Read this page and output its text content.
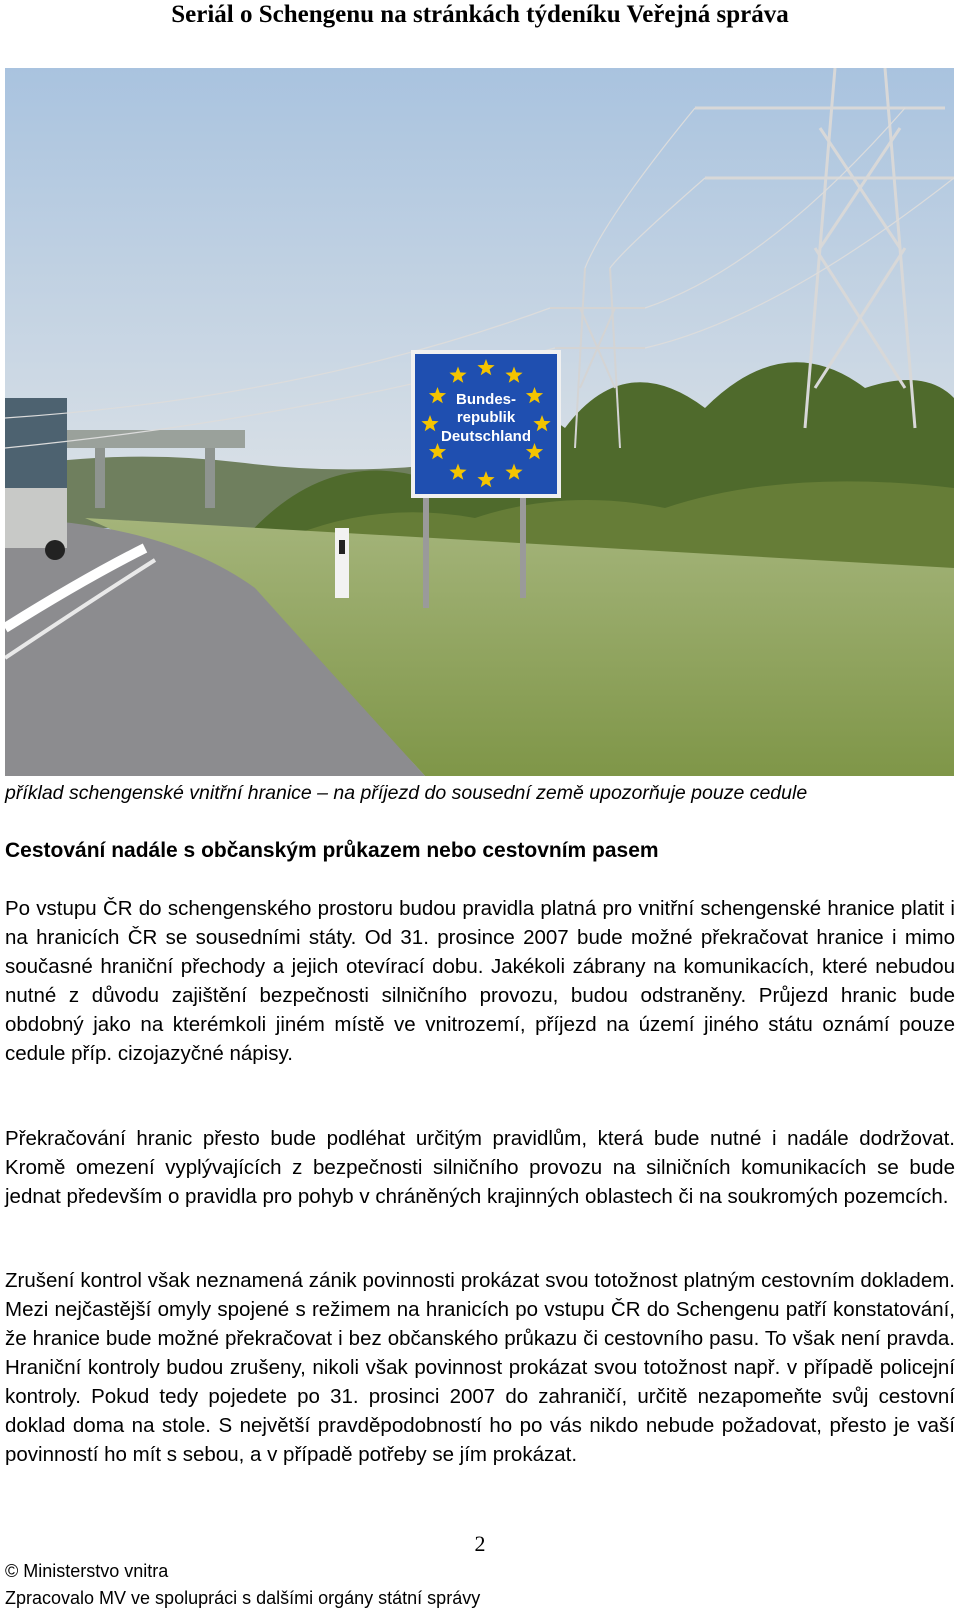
Seriál o Schengenu na stránkách týdeníku Veřejná správa
Bundes-
republik
Deutschland
příklad schengenské vnitřní hranice – na příjezd do sousední země upozorňuje pouze cedule
Cestování nadále s občanským průkazem nebo cestovním pasem

Po vstupu ČR do schengenského prostoru budou pravidla platná pro vnitřní schengenské hranice platit i na hranicích ČR se sousedními státy. Od 31. prosince 2007 bude možné překračovat hranice i mimo současné hraniční přechody a jejich otevírací dobu. Jakékoli zábrany na komunikacích, které nebudou nutné z důvodu zajištění bezpečnosti silničního provozu, budou odstraněny. Průjezd hranic bude obdobný jako na kterémkoli jiném místě ve vnitrozemí, příjezd na území jiného státu oznámí pouze cedule příp. cizojazyčné nápisy.

Překračování hranic přesto bude podléhat určitým pravidlům, která bude nutné i nadále dodržovat. Kromě omezení vyplývajících z bezpečnosti silničního provozu na silničních komunikacích se bude jednat především o pravidla pro pohyb v chráněných krajinných oblastech či na soukromých pozemcích.

Zrušení kontrol však neznamená zánik povinnosti prokázat svou totožnost platným cestovním dokladem. Mezi nejčastější omyly spojené s režimem na hranicích po vstupu ČR do Schengenu patří konstatování, že hranice bude možné překračovat i bez občanského průkazu či cestovního pasu. To však není pravda. Hraniční kontroly budou zrušeny, nikoli však povinnost prokázat svou totožnost např. v případě policejní kontroly. Pokud tedy pojedete po 31. prosinci 2007 do zahraničí, určitě nezapomeňte svůj cestovní doklad doma na stole. S největší pravděpodobností ho po vás nikdo nebude požadovat, přesto je vaší povinností ho mít s sebou, a v případě potřeby se jím prokázat.

2
© Ministerstvo vnitra
Zpracovalo MV ve spolupráci s dalšími orgány státní správy
